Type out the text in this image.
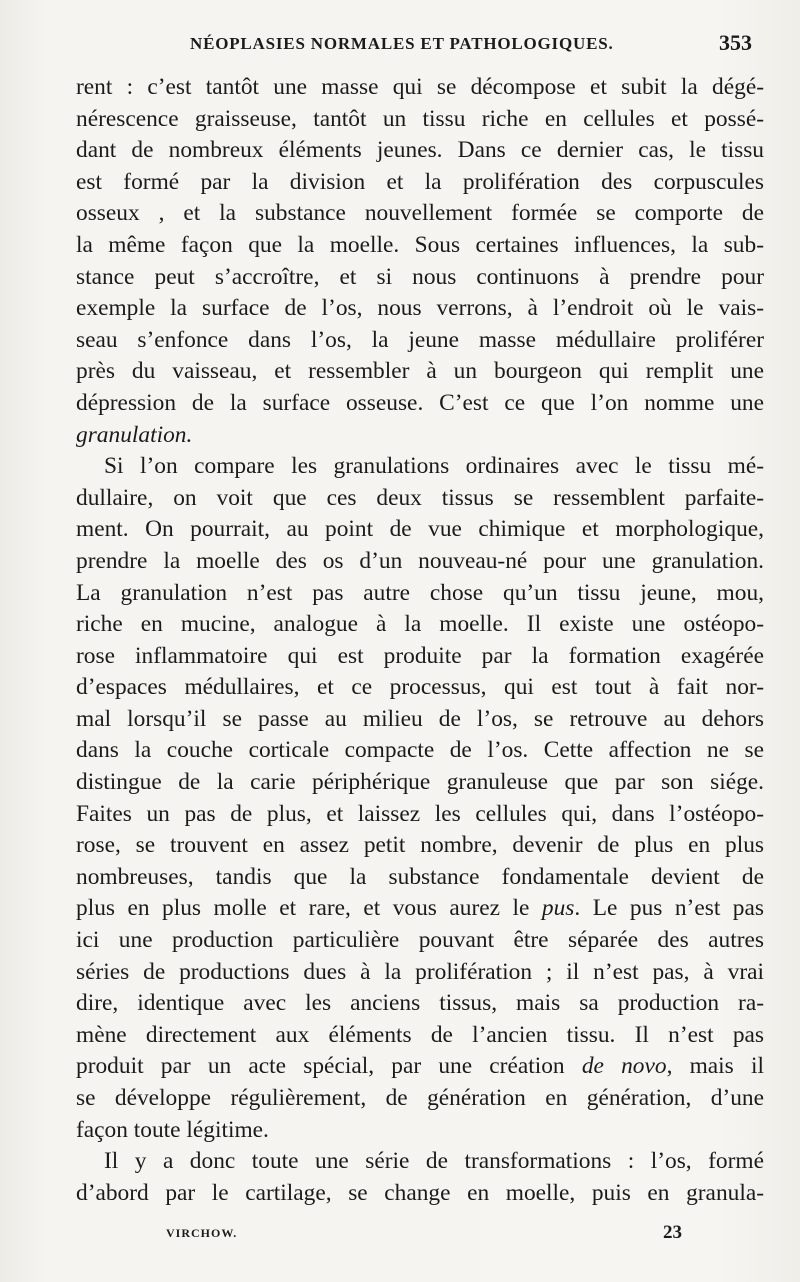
NÉOPLASIES NORMALES ET PATHOLOGIQUES.	353
rent : c’est tantôt une masse qui se décompose et subit la dégé-
nérescence graisseuse, tantôt un tissu riche en cellules et possé-
dant de nombreux éléments jeunes. Dans ce dernier cas, le tissu
est formé par la division et la prolifération des corpuscules
osseux , et la substance nouvellement formée se comporte de
la même façon que la moelle. Sous certaines influences, la sub-
stance peut s’accroître, et si nous continuons à prendre pour
exemple la surface de l’os, nous verrons, à l’endroit où le vais-
seau s’enfonce dans l’os, la jeune masse médullaire proliférer
près du vaisseau, et ressembler à un bourgeon qui remplit une
dépression de la surface osseuse. C’est ce que l’on nomme une
granulation.
Si l’on compare les granulations ordinaires avec le tissu mé-
dullaire, on voit que ces deux tissus se ressemblent parfaite-
ment. On pourrait, au point de vue chimique et morphologique,
prendre la moelle des os d’un nouveau-né pour une granulation.
La granulation n’est pas autre chose qu’un tissu jeune, mou,
riche en mucine, analogue à la moelle. Il existe une ostéopo-
rose inflammatoire qui est produite par la formation exagérée
d’espaces médullaires, et ce processus, qui est tout à fait nor-
mal lorsqu’il se passe au milieu de l’os, se retrouve au dehors
dans la couche corticale compacte de l’os. Cette affection ne se
distingue de la carie périphérique granuleuse que par son siége.
Faites un pas de plus, et laissez les cellules qui, dans l’ostéopo-
rose, se trouvent en assez petit nombre, devenir de plus en plus
nombreuses, tandis que la substance fondamentale devient de
plus en plus molle et rare, et vous aurez le pus. Le pus n’est pas
ici une production particulière pouvant être séparée des autres
séries de productions dues à la prolifération ; il n’est pas, à vrai
dire, identique avec les anciens tissus, mais sa production ra-
mène directement aux éléments de l’ancien tissu. Il n’est pas
produit par un acte spécial, par une création de novo, mais il
se développe régulièrement, de génération en génération, d’une
façon toute légitime.
Il y a donc toute une série de transformations : l’os, formé
d’abord par le cartilage, se change en moelle, puis en granula-
VIRCHOW.	23
